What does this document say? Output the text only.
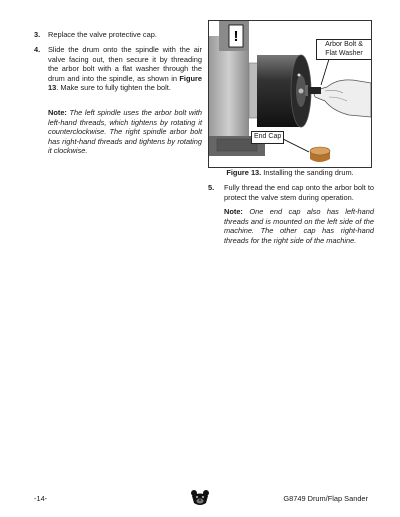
3. Replace the valve protective cap.
4. Slide the drum onto the spindle with the air valve facing out, then secure it by threading the arbor bolt with a flat washer through the drum and into the spindle, as shown in Figure 13. Make sure to fully tighten the bolt.
Note: The left spindle uses the arbor bolt with left-hand threads, which tightens by rotating it counterclockwise. The right spindle arbor bolt has right-hand threads and tightens by rotating it clockwise.
!	Arbor Bolt & Flat Washer
End Cap
Figure 13. Installing the sanding drum.
5. Fully thread the end cap onto the arbor bolt to protect the valve stem during operation.
Note: One end cap also has left-hand threads and is mounted on the left side of the machine. The other cap has right-hand threads for the right side of the machine.
-14-	G8749 Drum/Flap Sander
